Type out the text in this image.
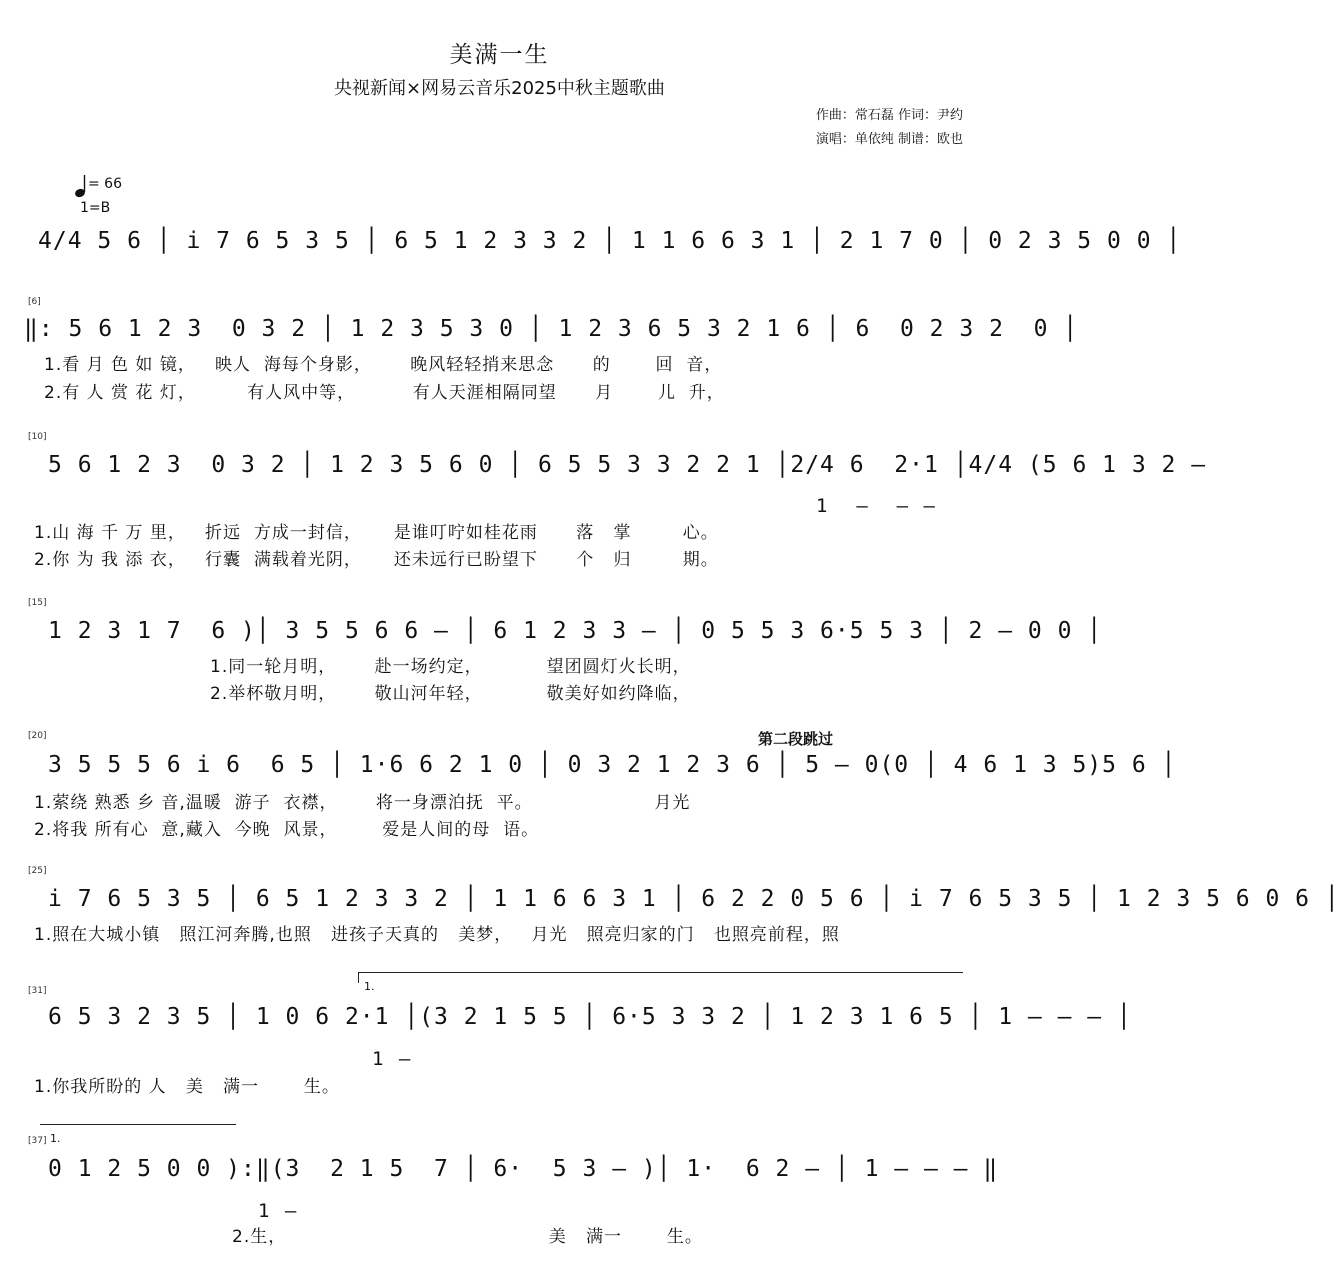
美满一生
央视新闻×网易云音乐2025中秋主题歌曲
作曲：常石磊 作词：尹约
演唱：单依纯 制谱：欧也
= 66
1=B
4/4 5 6 │ i 7 6 5 3 5 │ 6 5 1 2 3 3 2 │ 1 1 6 6 3 1 │ 2 1 7 0 │ 0 2 3 5 0 0 │
[6]
‖: 5 6 1 2 3  0 3 2 │ 1 2 3 5 3 0 │ 1 2 3 6 5 3 2 1 6 │ 6  0 2 3 2  0 │
1.看 月 色 如 镜，   映人  海每个身影，      晚风轻轻捎来思念      的       回  音，
2.有 人 赏 花 灯，        有人风中等，         有人天涯相隔同望      月       儿  升，
[10]
5 6 1 2 3  0 3 2 │ 1 2 3 5 6 0 │ 6 5 5 3 3 2 2 1 │2/4 6  2·1 │4/4 (5 6 1 3 2 –
1  –  – –
1.山 海 千 万 里，   折远  方成一封信，     是谁叮咛如桂花雨      落   掌        心。
2.你 为 我 添 衣，   行囊  满载着光阴，     还未远行已盼望下      个   归        期。
[15]
1 2 3 1 7  6 )│ 3 5 5 6 6 – │ 6 1 2 3 3 – │ 0 5 5 3 6·5 5 3 │ 2 – 0 0 │
1.同一轮月明，      赴一场约定，          望团圆灯火长明，
2.举杯敬月明，      敬山河年轻，          敬美好如约降临，
[20]	第二段跳过
3 5 5 5 6 i 6  6 5 │ 1·6 6 2 1 0 │ 0 3 2 1 2 3 6 │ 5 – 0(0 │ 4 6 1 3 5)5 6 │
1.萦绕 熟悉 乡 音,温暖  游子  衣襟，      将一身漂泊抚  平。                   月光
2.将我 所有心  意,藏入  今晚  风景，       爱是人间的母  语。
[25]
i 7 6 5 3 5 │ 6 5 1 2 3 3 2 │ 1 1 6 6 3 1 │ 6 2 2 0 5 6 │ i 7 6 5 3 5 │ 1 2 3 5 6 0 6 │
1.照在大城小镇   照江河奔腾,也照   进孩子天真的   美梦，   月光   照亮归家的门   也照亮前程，照
1.
[31]
6 5 3 2 3 5 │ 1 0 6 2·1 │(3 2 1 5 5 │ 6·5 3 3 2 │ 1 2 3 1 6 5 │ 1 – – – │
1 –
1.你我所盼的 人   美   满一       生。
[37] 1.
0 1 2 5 0 0 ):‖(3  2 1 5  7 │ 6·  5 3 – )│ 1·  6 2 – │ 1 – – – ‖
1 –
2.生，                                         美   满一       生。
